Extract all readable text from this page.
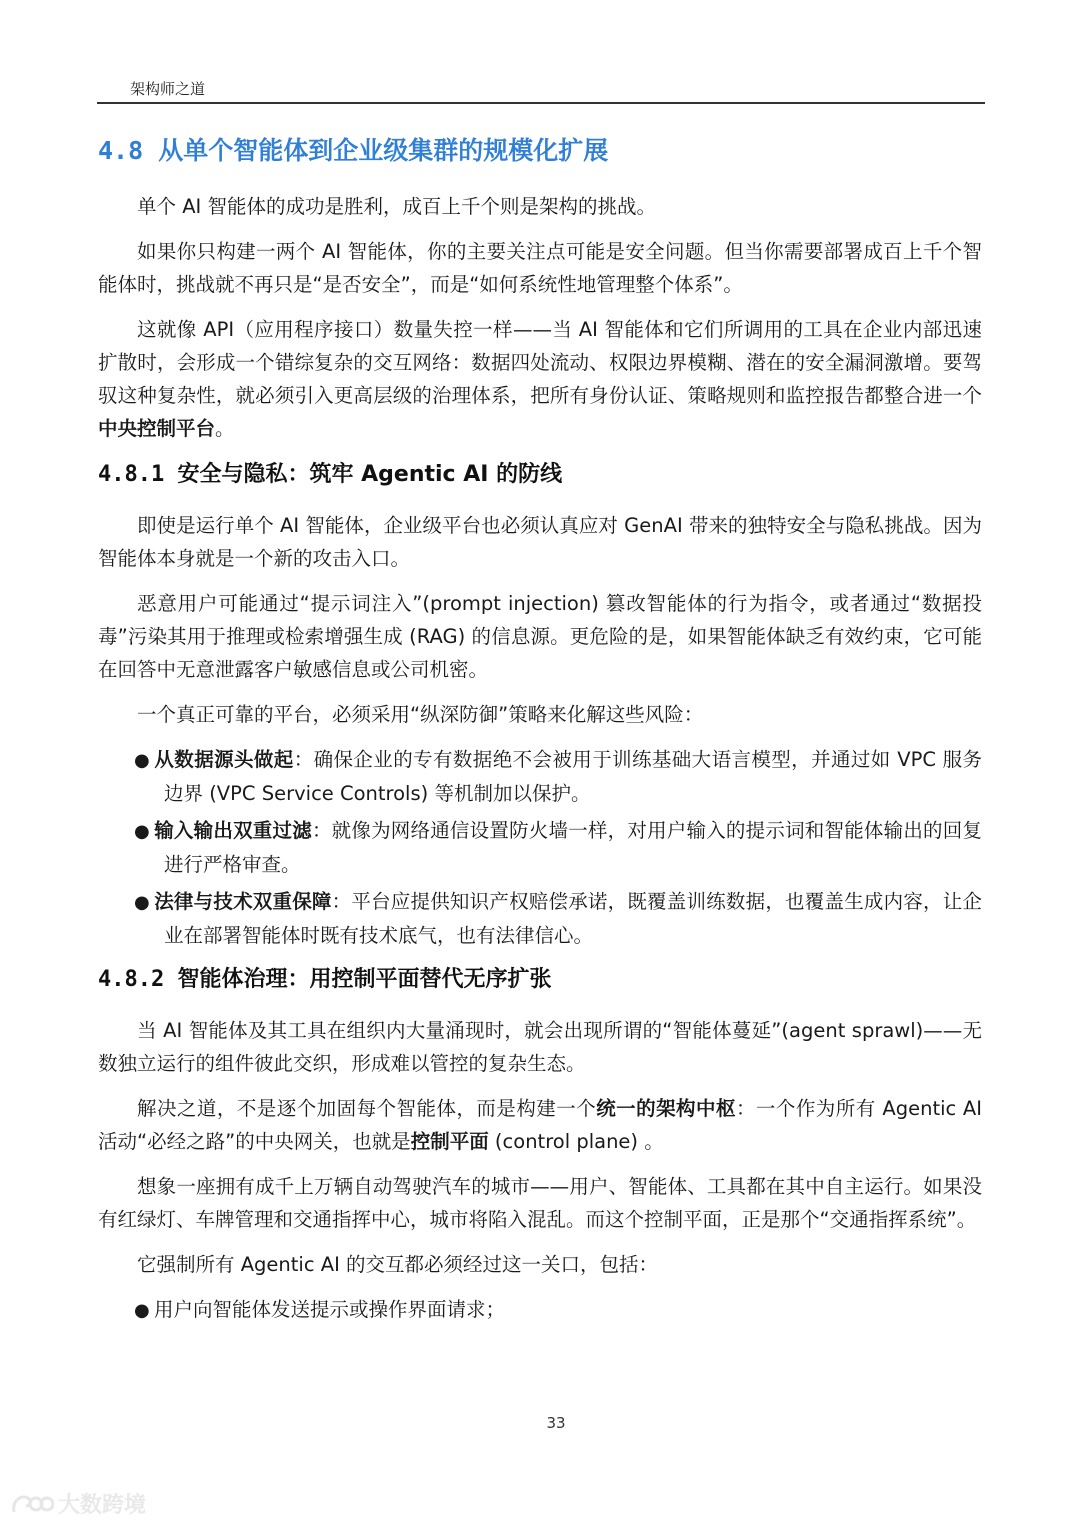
架构师之道
4.8 从单个智能体到企业级集群的规模化扩展

单个 AI 智能体的成功是胜利，成百上千个则是架构的挑战。

如果你只构建一两个 AI 智能体，你的主要关注点可能是安全问题。但当你需要部署成百上千个智能体时，挑战就不再只是“是否安全”，而是“如何系统性地管理整个体系”。

这就像 API（应用程序接口）数量失控一样——当 AI 智能体和它们所调用的工具在企业内部迅速扩散时，会形成一个错综复杂的交互网络：数据四处流动、权限边界模糊、潜在的安全漏洞激增。要驾驭这种复杂性，就必须引入更高层级的治理体系，把所有身份认证、策略规则和监控报告都整合进一个中央控制平台。

4.8.1 安全与隐私：筑牢 Agentic AI 的防线

即使是运行单个 AI 智能体，企业级平台也必须认真应对 GenAI 带来的独特安全与隐私挑战。因为智能体本身就是一个新的攻击入口。

恶意用户可能通过“提示词注入”(prompt injection) 篡改智能体的行为指令，或者通过“数据投毒”污染其用于推理或检索增强生成 (RAG) 的信息源。更危险的是，如果智能体缺乏有效约束，它可能在回答中无意泄露客户敏感信息或公司机密。

一个真正可靠的平台，必须采用“纵深防御”策略来化解这些风险：

● 从数据源头做起：确保企业的专有数据绝不会被用于训练基础大语言模型，并通过如 VPC 服务边界 (VPC Service Controls) 等机制加以保护。
● 输入输出双重过滤：就像为网络通信设置防火墙一样，对用户输入的提示词和智能体输出的回复进行严格审查。
● 法律与技术双重保障：平台应提供知识产权赔偿承诺，既覆盖训练数据，也覆盖生成内容，让企业在部署智能体时既有技术底气，也有法律信心。
4.8.2 智能体治理：用控制平面替代无序扩张

当 AI 智能体及其工具在组织内大量涌现时，就会出现所谓的“智能体蔓延”(agent sprawl)——无数独立运行的组件彼此交织，形成难以管控的复杂生态。

解决之道，不是逐个加固每个智能体，而是构建一个统一的架构中枢：一个作为所有 Agentic AI 活动“必经之路”的中央网关，也就是控制平面 (control plane) 。

想象一座拥有成千上万辆自动驾驶汽车的城市——用户、智能体、工具都在其中自主运行。如果没有红绿灯、车牌管理和交通指挥中心，城市将陷入混乱。而这个控制平面，正是那个“交通指挥系统”。

它强制所有 Agentic AI 的交互都必须经过这一关口，包括：

● 用户向智能体发送提示或操作界面请求；
33
大数跨境
